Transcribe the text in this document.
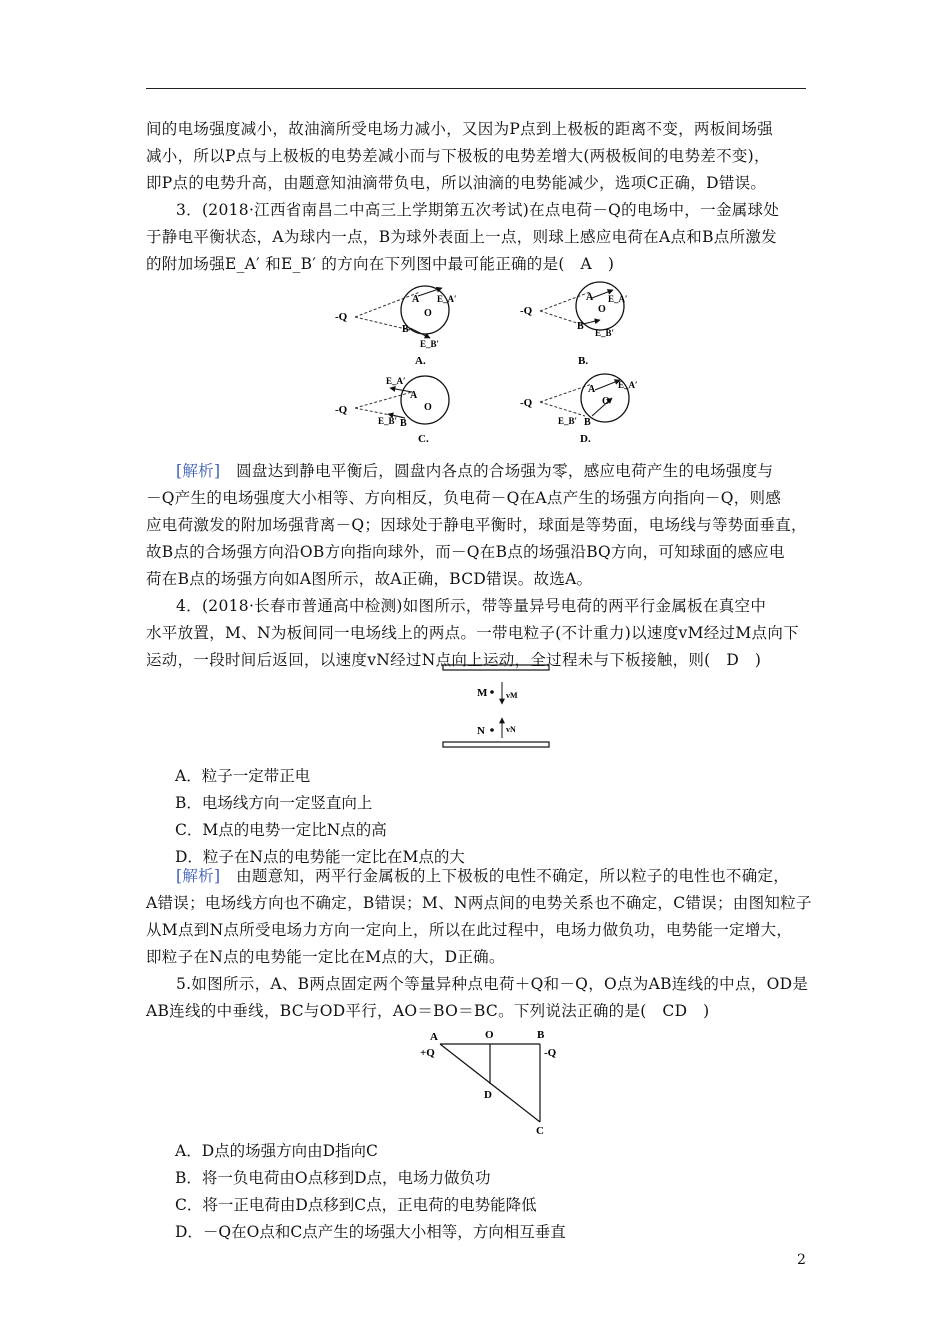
间的电场强度减小，故油滴所受电场力减小，又因为P点到上极板的距离不变，两板间场强
减小，所以P点与上极板的电势差减小而与下极板的电势差增大(两极板间的电势差不变)，
即P点的电势升高，由题意知油滴带负电，所以油滴的电势能减少，选项C正确，D错误。
3．(2018·江西省南昌二中高三上学期第五次考试)在点电荷－Q的电场中，一金属球处
于静电平衡状态，A为球内一点，B为球外表面上一点，则球上感应电荷在A点和B点所激发
的附加场强E_A′ 和E_B′ 的方向在下列图中最可能正确的是(　A　)
-Q
A
O
B
E_A′
E_B′
A.
-Q
A
O
B
E_A′
E_B′
B.
-Q
A
O
B
E_A′
E_B′
C.
-Q
A
O
B
E_A′
E_B′
D.
[解析]　 圆盘达到静电平衡后，圆盘内各点的合场强为零，感应电荷产生的电场强度与
－Q产生的电场强度大小相等、方向相反，负电荷－Q在A点产生的场强方向指向－Q，则感
应电荷激发的附加场强背离－Q；因球处于静电平衡时，球面是等势面，电场线与等势面垂直，
故B点的合场强方向沿OB方向指向球外，而－Q在B点的场强沿BQ方向，可知球面的感应电
荷在B点的场强方向如A图所示，故A正确，BCD错误。故选A。
4．(2018·长春市普通高中检测)如图所示，带等量异号电荷的两平行金属板在真空中
水平放置，M、N为板间同一电场线上的两点。一带电粒子(不计重力)以速度vM经过M点向下
运动，一段时间后返回，以速度vN经过N点向上运动，全过程未与下板接触，则(　D　)
M vM
N	vN
A．粒子一定带正电
B．电场线方向一定竖直向上
C．M点的电势一定比N点的高
D．粒子在N点的电势能一定比在M点的大
[解析]　 由题意知，两平行金属板的上下极板的电性不确定，所以粒子的电性也不确定，
A错误；电场线方向也不确定，B错误；M、N两点间的电势关系也不确定，C错误；由图知粒子
从M点到N点所受电场力方向一定向上，所以在此过程中，电场力做负功，电势能一定增大，
即粒子在N点的电势能一定比在M点的大，D正确。
5.如图所示，A、B两点固定两个等量异种点电荷＋Q和－Q，O点为AB连线的中点，OD是
AB连线的中垂线，BC与OD平行，AO＝BO＝BC。下列说法正确的是(　CD　)
A	O	B
+Q	-Q
D
C
A．D点的场强方向由D指向C
B．将一负电荷由O点移到D点，电场力做负功
C．将一正电荷由D点移到C点，正电荷的电势能降低
D．－Q在O点和C点产生的场强大小相等，方向相互垂直
2
